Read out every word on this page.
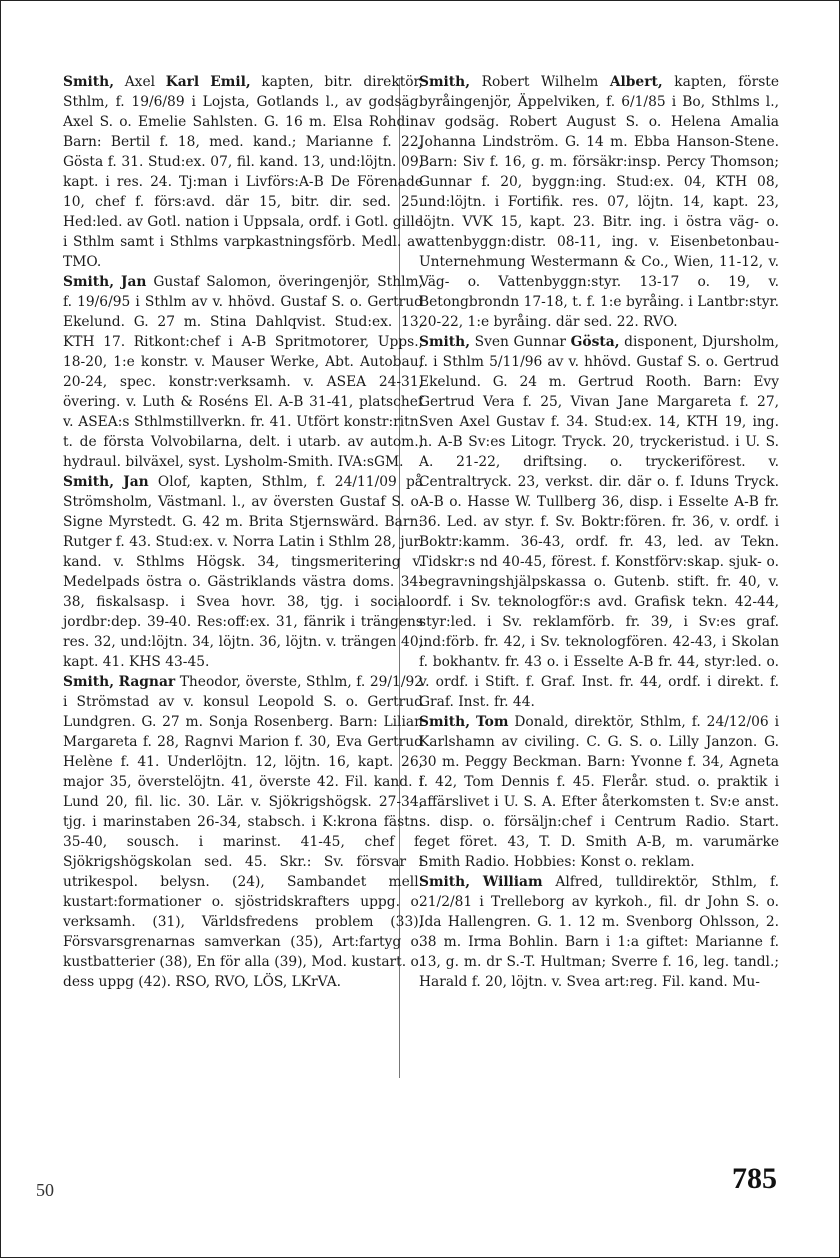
Smith, Axel Karl Emil, kapten, bitr. direktör, Sthlm, f. 19/6/89 i Lojsta, Gotlands l., av godsäg. Axel S. o. Emelie Sahlsten. G. 16 m. Elsa Rohdin. Barn: Bertil f. 18, med. kand.; Marianne f. 22, Gösta f. 31. Stud:ex. 07, fil. kand. 13, und:löjtn. 09, kapt. i res. 24. Tj:man i Livförs:A-B De Förenade 10, chef f. förs:avd. där 15, bitr. dir. sed. 25. Hed:led. av Gotl. nation i Uppsala, ordf. i Gotl. gille i Sthlm samt i Sthlms varpkastningsförb. Medl. av TMO.

Smith, Jan Gustaf Salomon, överingenjör, Sthlm, f. 19/6/95 i Sthlm av v. hhövd. Gustaf S. o. Gertrud Ekelund. G. 27 m. Stina Dahlqvist. Stud:ex. 13, KTH 17. Ritkont:chef i A-B Spritmotorer, Upps., 18-20, 1:e konstr. v. Mauser Werke, Abt. Autobau, 20-24, spec. konstr:verksamh. v. ASEA 24-31, övering. v. Luth & Roséns El. A-B 31-41, platschef v. ASEA:s Sthlmstillverkn. fr. 41. Utfört konstr:ritn. t. de första Volvobilarna, delt. i utarb. av autom., hydraul. bilväxel, syst. Lysholm-Smith. IVA:sGM.

Smith, Jan Olof, kapten, Sthlm, f. 24/11/09 på Strömsholm, Västmanl. l., av översten Gustaf S. o. Signe Myrstedt. G. 42 m. Brita Stjernswärd. Barn: Rutger f. 43. Stud:ex. v. Norra Latin i Sthlm 28, jur. kand. v. Sthlms Högsk. 34, tingsmeritering v. Medelpads östra o. Gästriklands västra doms. 34-38, fiskalsasp. i Svea hovr. 38, tjg. i socialo. jordbr:dep. 39-40. Res:off:ex. 31, fänrik i trängens res. 32, und:löjtn. 34, löjtn. 36, löjtn. v. trängen 40, kapt. 41. KHS 43-45.

Smith, Ragnar Theodor, överste, Sthlm, f. 29/1/92 i Strömstad av v. konsul Leopold S. o. Gertrud Lundgren. G. 27 m. Sonja Rosenberg. Barn: Lilian Margareta f. 28, Ragnvi Marion f. 30, Eva Gertrud Helène f. 41. Underlöjtn. 12, löjtn. 16, kapt. 26, major 35, överstelöjtn. 41, överste 42. Fil. kand. i Lund 20, fil. lic. 30. Lär. v. Sjökrigshögsk. 27-34, tjg. i marinstaben 26-34, stabsch. i K:krona fästn. 35-40, sousch. i marinst. 41-45, chef f. Sjökrigshögskolan sed. 45. Skr.: Sv. försvar i utrikespol. belysn. (24), Sambandet mell. kustart:formationer o. sjöstridskrafters uppg. o. verksamh. (31), Världsfredens problem (33), Försvarsgrenarnas samverkan (35), Art:fartyg o. kustbatterier (38), En för alla (39), Mod. kustart. o. dess uppg (42). RSO, RVO, LÖS, LKrVA.

Smith, Robert Wilhelm Albert, kapten, förste byråingenjör, Äppelviken, f. 6/1/85 i Bo, Sthlms l., av godsäg. Robert August S. o. Helena Amalia Johanna Lindström. G. 14 m. Ebba Hanson-Stene. Barn: Siv f. 16, g. m. försäkr:insp. Percy Thomson; Gunnar f. 20, byggn:ing. Stud:ex. 04, KTH 08, und:löjtn. i Fortifik. res. 07, löjtn. 14, kapt. 23, löjtn. VVK 15, kapt. 23. Bitr. ing. i östra väg- o. vattenbyggn:distr. 08-11, ing. v. Eisenbetonbau-Unternehmung Westermann & Co., Wien, 11-12, v. Väg- o. Vattenbyggn:styr. 13-17 o. 19, v. Betongbrondn 17-18, t. f. 1:e byråing. i Lantbr:styr. 20-22, 1:e byråing. där sed. 22. RVO.

Smith, Sven Gunnar Gösta, disponent, Djursholm, f. i Sthlm 5/11/96 av v. hhövd. Gustaf S. o. Gertrud Ekelund. G. 24 m. Gertrud Rooth. Barn: Evy Gertrud Vera f. 25, Vivan Jane Margareta f. 27, Sven Axel Gustav f. 34. Stud:ex. 14, KTH 19, ing. h. A-B Sv:es Litogr. Tryck. 20, tryckeristud. i U. S. A. 21-22, driftsing. o. tryckeriförest. v. Centraltryck. 23, verkst. dir. där o. f. Iduns Tryck. A-B o. Hasse W. Tullberg 36, disp. i Esselte A-B fr. 36. Led. av styr. f. Sv. Boktr:fören. fr. 36, v. ordf. i Boktr:kamm. 36-43, ordf. fr. 43, led. av Tekn. Tidskr:s nd 40-45, förest. f. Konstförv:skap. sjuk- o. begravningshjälpskassa o. Gutenb. stift. fr. 40, v. ordf. i Sv. teknologför:s avd. Grafisk tekn. 42-44, styr:led. i Sv. reklamförb. fr. 39, i Sv:es graf. ind:förb. fr. 42, i Sv. teknologfören. 42-43, i Skolan f. bokhantv. fr. 43 o. i Esselte A-B fr. 44, styr:led. o. v. ordf. i Stift. f. Graf. Inst. fr. 44, ordf. i direkt. f. Graf. Inst. fr. 44.

Smith, Tom Donald, direktör, Sthlm, f. 24/12/06 i Karlshamn av civiling. C. G. S. o. Lilly Janzon. G. 30 m. Peggy Beckman. Barn: Yvonne f. 34, Agneta f. 42, Tom Dennis f. 45. Flerår. stud. o. praktik i affärslivet i U. S. A. Efter återkomsten t. Sv:e anst. s. disp. o. försäljn:chef i Centrum Radio. Start. eget föret. 43, T. D. Smith A-B, m. varumärke Smith Radio. Hobbies: Konst o. reklam.

Smith, William Alfred, tulldirektör, Sthlm, f. 21/2/81 i Trelleborg av kyrkoh., fil. dr John S. o. Ida Hallengren. G. 1. 12 m. Svenborg Ohlsson, 2. 38 m. Irma Bohlin. Barn i 1:a giftet: Marianne f. 13, g. m. dr S.-T. Hultman; Sverre f. 16, leg. tandl.; Harald f. 20, löjtn. v. Svea art:reg. Fil. kand. Mu-

50	785
